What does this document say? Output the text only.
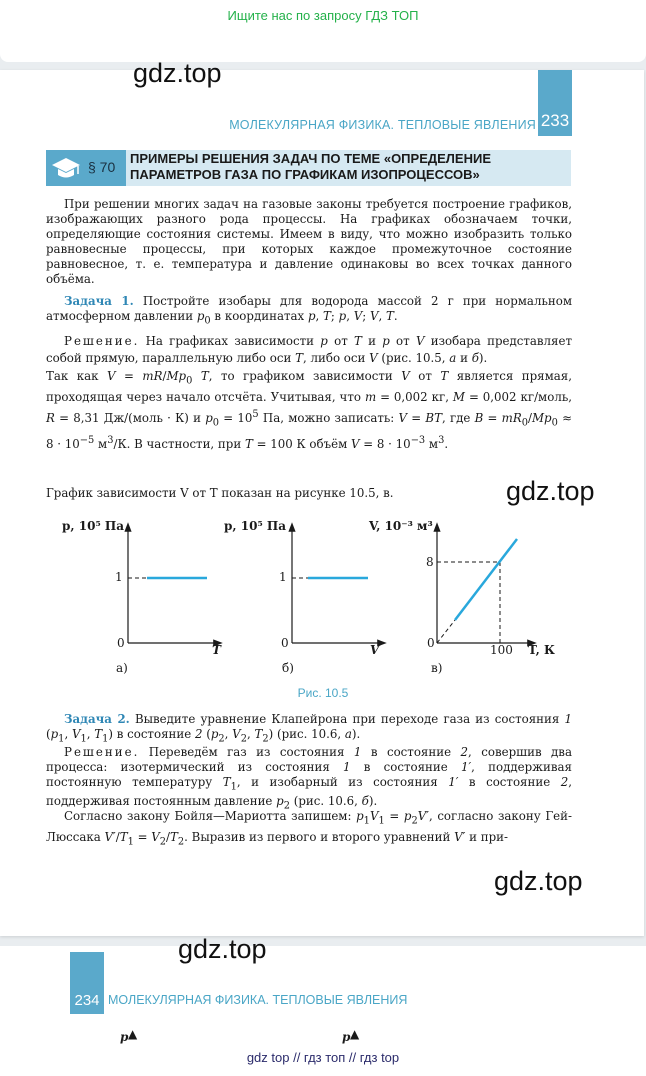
Ищите нас по запросу ГДЗ ТОП
gdz.top
233
МОЛЕКУЛЯРНАЯ ФИЗИКА. ТЕПЛОВЫЕ ЯВЛЕНИЯ
§ 70
ПРИМЕРЫ РЕШЕНИЯ ЗАДАЧ ПО ТЕМЕ «ОПРЕДЕЛЕНИЕ
ПАРАМЕТРОВ ГАЗА ПО ГРАФИКАМ ИЗОПРОЦЕССОВ»
При решении многих задач на газовые законы требуется построение графиков, изображающих разного рода процессы. На графиках обозначаем точки, определяющие состояния системы. Имеем в виду, что можно изобразить только равновесные процессы, при которых каждое промежуточное состояние равновесное, т. е. температура и давление одинаковы во всех точках данного объёма.
Задача 1. Постройте изобары для водорода массой 2 г при нормальном атмосферном давлении $p_0$ в координатах p, T; p, V; V, T.
Решение. На графиках зависимости p от T и p от V изобара представляет собой прямую, параллельную либо оси T, либо оси V (рис. 10.5, а и б).
Так как $V = mR/Mp_0$ T, то графиком зависимости V от T является прямая, проходящая через начало отсчёта. Учитывая, что m = 0,002 кг, M = 0,002 кг/моль, R = 8,31 Дж/(моль · К) и $p_0 = 10^5$ Па, можно записать: V = BT, где $B = mR_0/Mp_0 \approx 8 \cdot 10^{-5}$ $м^3/К$. В частности, при T = 100 К объём $V = 8 \cdot 10^{-3}$ $м^3$.
График зависимости V от T показан на рисунке 10.5, в.	gdz.top
p, 10⁵ Па
1
0	T
а)
p, 10⁵ Па
1
0	V
б)
V, 10⁻³ м³
8
0	100 T, К
в)
Рис. 10.5
Задача 2. Выведите уравнение Клапейрона при переходе газа из состояния 1 ($p_1$, $V_1$, $T_1$) в состояние 2 ($p_2$, $V_2$, $T_2$) (рис. 10.6, а).
Решение. Переведём газ из состояния 1 в состояние 2, совершив два процесса: изотермический из состояния 1 в состояние 1′, поддерживая постоянную температуру $T_1$, и изобарный из состояния 1′ в состояние 2, поддерживая постоянным давление $p_2$ (рис. 10.6, б).
Согласно закону Бойля—Мариотта запишем: $p_1V_1 = p_2V'$, согласно закону Гей-Люссака $V'/T_1 = V_2/T_2$. Выразив из первого и второго уравнений V′ и при-
gdz.top
gdz.top
234 МОЛЕКУЛЯРНАЯ ФИЗИКА. ТЕПЛОВЫЕ ЯВЛЕНИЯ
p ▲	p ▲
gdz top // гдз топ // гдз top
